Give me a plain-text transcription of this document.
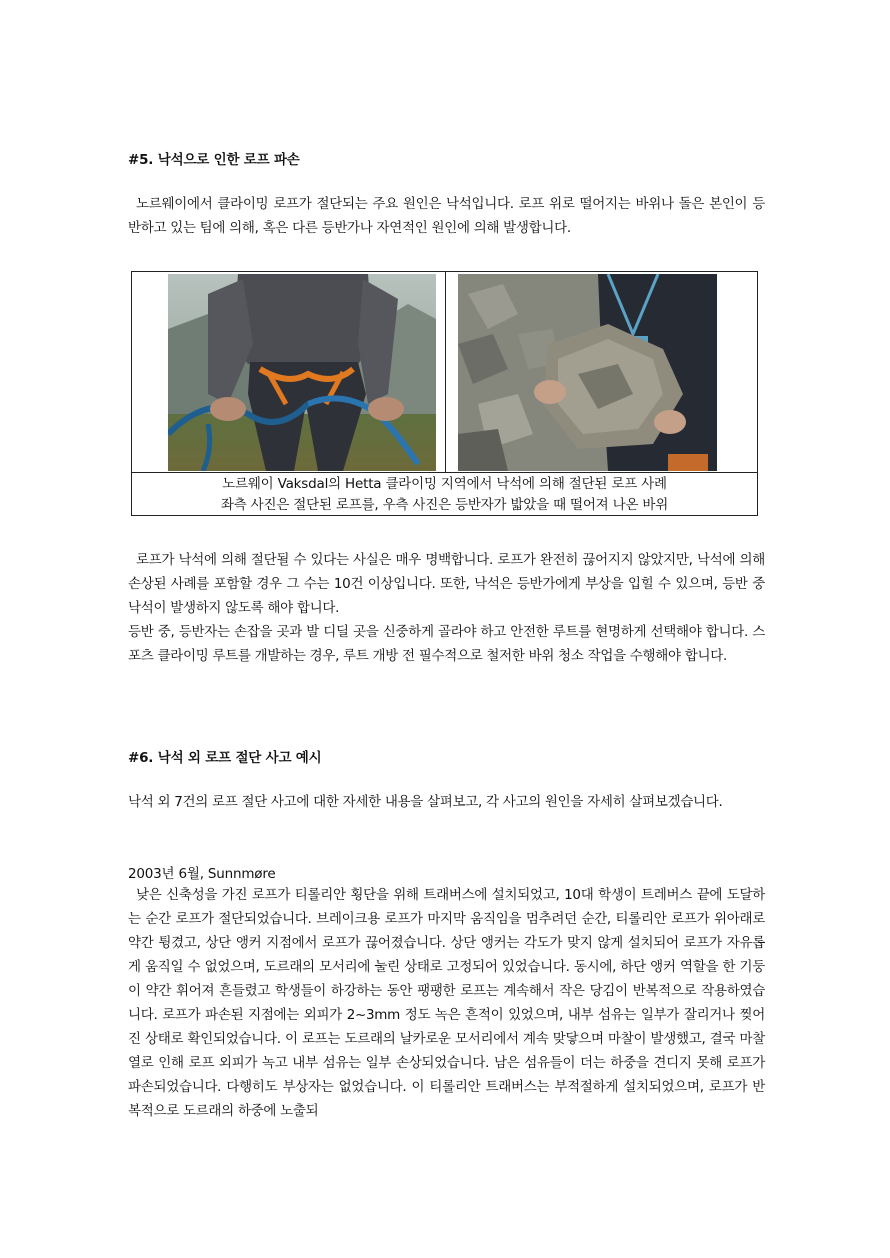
#5. 낙석으로 인한 로프 파손

노르웨이에서 클라이밍 로프가 절단되는 주요 원인은 낙석입니다. 로프 위로 떨어지는 바위나 돌은 본인이 등반하고 있는 팀에 의해, 혹은 다른 등반가나 자연적인 원인에 의해 발생합니다.

노르웨이 Vaksdal의 Hetta 클라이밍 지역에서 낙석에 의해 절단된 로프 사례
좌측 사진은 절단된 로프를, 우측 사진은 등반자가 밟았을 때 떨어져 나온 바위

로프가 낙석에 의해 절단될 수 있다는 사실은 매우 명백합니다. 로프가 완전히 끊어지지 않았지만, 낙석에 의해 손상된 사례를 포함할 경우 그 수는 10건 이상입니다. 또한, 낙석은 등반가에게 부상을 입힐 수 있으며, 등반 중 낙석이 발생하지 않도록 해야 합니다.

등반 중, 등반자는 손잡을 곳과 발 디딜 곳을 신중하게 골라야 하고 안전한 루트를 현명하게 선택해야 합니다. 스포츠 클라이밍 루트를 개발하는 경우, 루트 개방 전 필수적으로 철저한 바위 청소 작업을 수행해야 합니다.

#6. 낙석 외 로프 절단 사고 예시

낙석 외 7건의 로프 절단 사고에 대한 자세한 내용을 살펴보고, 각 사고의 원인을 자세히 살펴보겠습니다.

2003년 6월, Sunnmøre

낮은 신축성을 가진 로프가 티롤리안 횡단을 위해 트래버스에 설치되었고, 10대 학생이 트레버스 끝에 도달하는 순간 로프가 절단되었습니다. 브레이크용 로프가 마지막 움직임을 멈추려던 순간, 티롤리안 로프가 위아래로 약간 튕겼고, 상단 앵커 지점에서 로프가 끊어졌습니다. 상단 앵커는 각도가 맞지 않게 설치되어 로프가 자유롭게 움직일 수 없었으며, 도르래의 모서리에 눌린 상태로 고정되어 있었습니다. 동시에, 하단 앵커 역할을 한 기둥이 약간 휘어져 흔들렸고 학생들이 하강하는 동안 팽팽한 로프는 계속해서 작은 당김이 반복적으로 작용하였습니다. 로프가 파손된 지점에는 외피가 2~3mm 정도 녹은 흔적이 있었으며, 내부 섬유는 일부가 잘리거나 찢어진 상태로 확인되었습니다. 이 로프는 도르래의 날카로운 모서리에서 계속 맞닿으며 마찰이 발생했고, 결국 마찰열로 인해 로프 외피가 녹고 내부 섬유는 일부 손상되었습니다. 남은 섬유들이 더는 하중을 견디지 못해 로프가 파손되었습니다. 다행히도 부상자는 없었습니다. 이 티롤리안 트래버스는 부적절하게 설치되었으며, 로프가 반복적으로 도르래의 하중에 노출되
